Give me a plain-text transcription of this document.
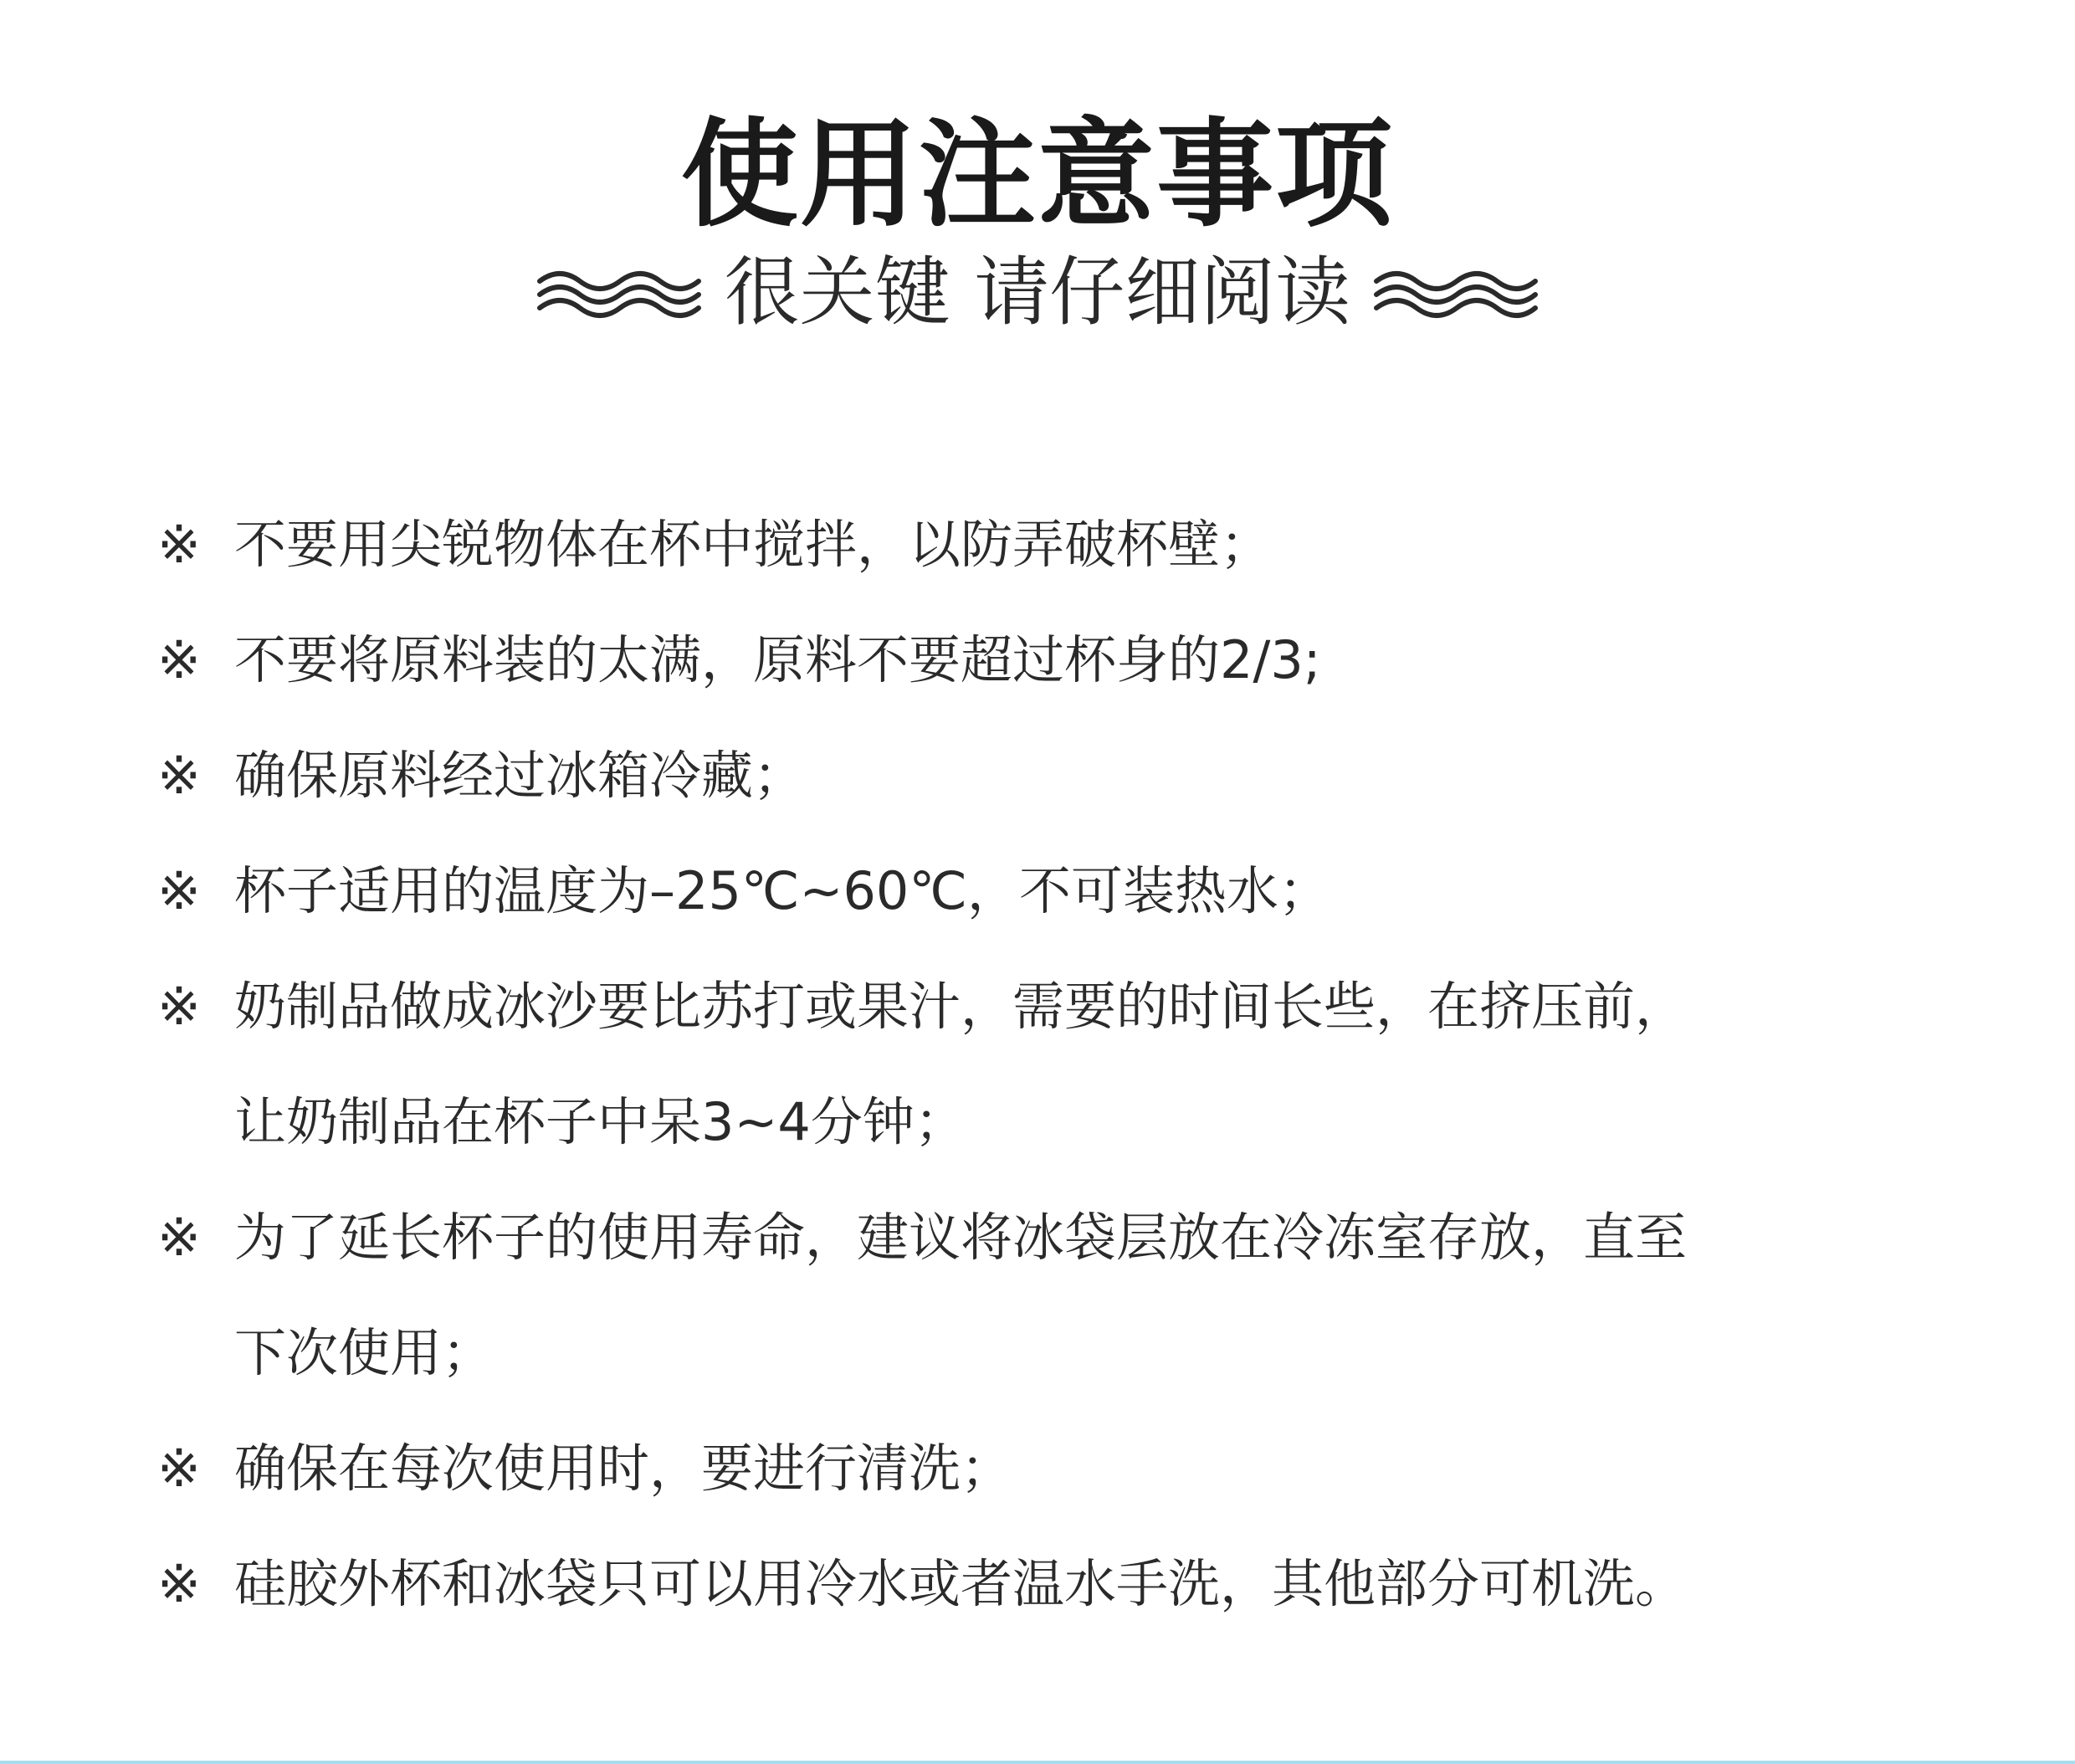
使用注意事项
很关键 请仔细阅读
※ 不要用尖锐物体在杯中搅拌，以防弄破杯壁；
※ 不要将原料装的太满，原料不要超过杯身的2/3;
※ 确保原料经过冰箱冷藏；
※ 杯子适用的温度为–25℃~60℃，不可装热水；
※ 奶制品做成冰沙要比苏打或果汁，需要的时间长些，在挤压前，
让奶制品在杯子中呆3~4分钟；
※ 为了延长杯子的使用寿命，建议将冰袋层放在冷冻室存放，直至
下次使用；
※ 确保在每次使用时，要进行清洗；
※ 硅胶外杯和冰袋只可以用冷水或者温水手洗，其他部分可机洗。
